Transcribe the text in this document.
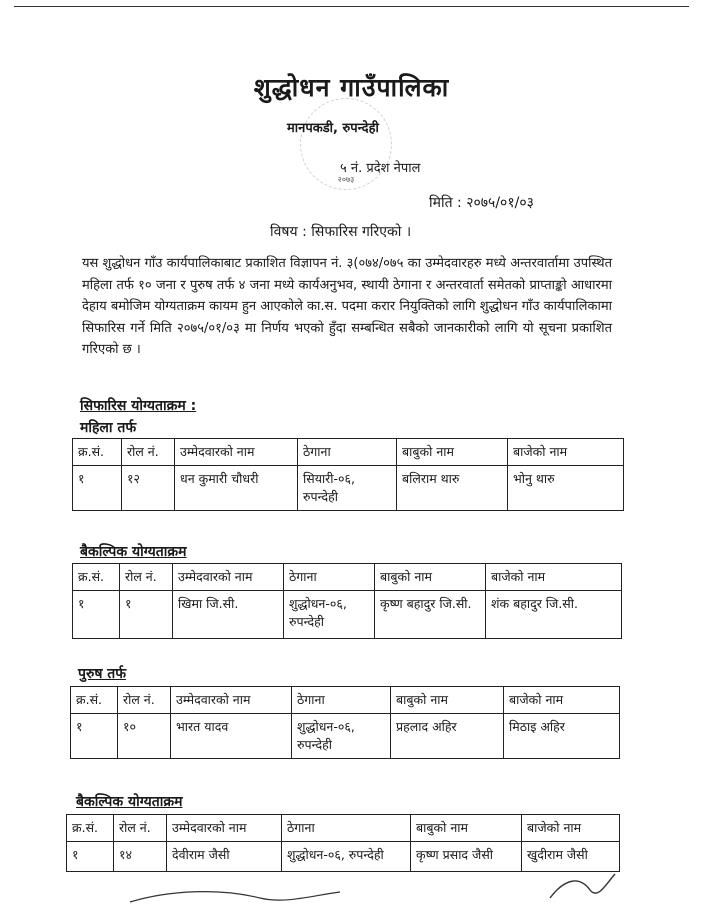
२०७३
शुद्धोधन गाउँपालिका
मानपकडी, रुपन्देही
५ नं. प्रदेश नेपाल
मिति : २०७५/०१/०३
विषय : सिफारिस गरिएको ।
यस शुद्धोधन गाँउ कार्यपालिकाबाट प्रकाशित विज्ञापन नं. ३(०७४/०७५ का उम्मेदवारहरु मध्ये अन्तरवार्तामा उपस्थित महिला तर्फ १० जना र पुरुष तर्फ ४ जना मध्ये कार्यअनुभव, स्थायी ठेगाना र अन्तरवार्ता समेतको प्राप्ताङ्को आधारमा देहाय बमोजिम योग्यताक्रम कायम हुन आएकोले का.स. पदमा करार नियुक्तिको लागि शुद्धोधन गाँउ कार्यपालिकामा सिफारिस गर्ने मिति २०७५/०१/०३ मा निर्णय भएको हुँदा सम्बन्धित सबैको जानकारीको लागि यो सूचना प्रकाशित गरिएको छ ।
सिफारिस योग्यताक्रम :
महिला तर्फ
क्र.सं.	रोल नं.	उम्मेदवारको नाम	ठेगाना	बाबुको नाम	बाजेको नाम
१	१२	धन कुमारी चौधरी	सियारी-०६, रुपन्देही	बलिराम थारु	भोनु थारु
बैकल्पिक योग्यताक्रम
क्र.सं.	रोल नं.	उम्मेदवारको नाम	ठेगाना	बाबुको नाम	बाजेको नाम
१	१	खिमा जि.सी.	शुद्धोधन-०६, रुपन्देही	कृष्ण बहादुर जि.सी.	शंक बहादुर जि.सी.
पुरुष तर्फ
क्र.सं.	रोल नं.	उम्मेदवारको नाम	ठेगाना	बाबुको नाम	बाजेको नाम
१	१०	भारत यादव	शुद्धोधन-०६, रुपन्देही	प्रहलाद अहिर	मिठाइ अहिर
बैकल्पिक योग्यताक्रम
क्र.सं.	रोल नं.	उम्मेदवारको नाम	ठेगाना	बाबुको नाम	बाजेको नाम
१	१४	देवीराम जैसी	शुद्धोधन-०६, रुपन्देही	कृष्ण प्रसाद जैसी	खुदीराम जैसी
